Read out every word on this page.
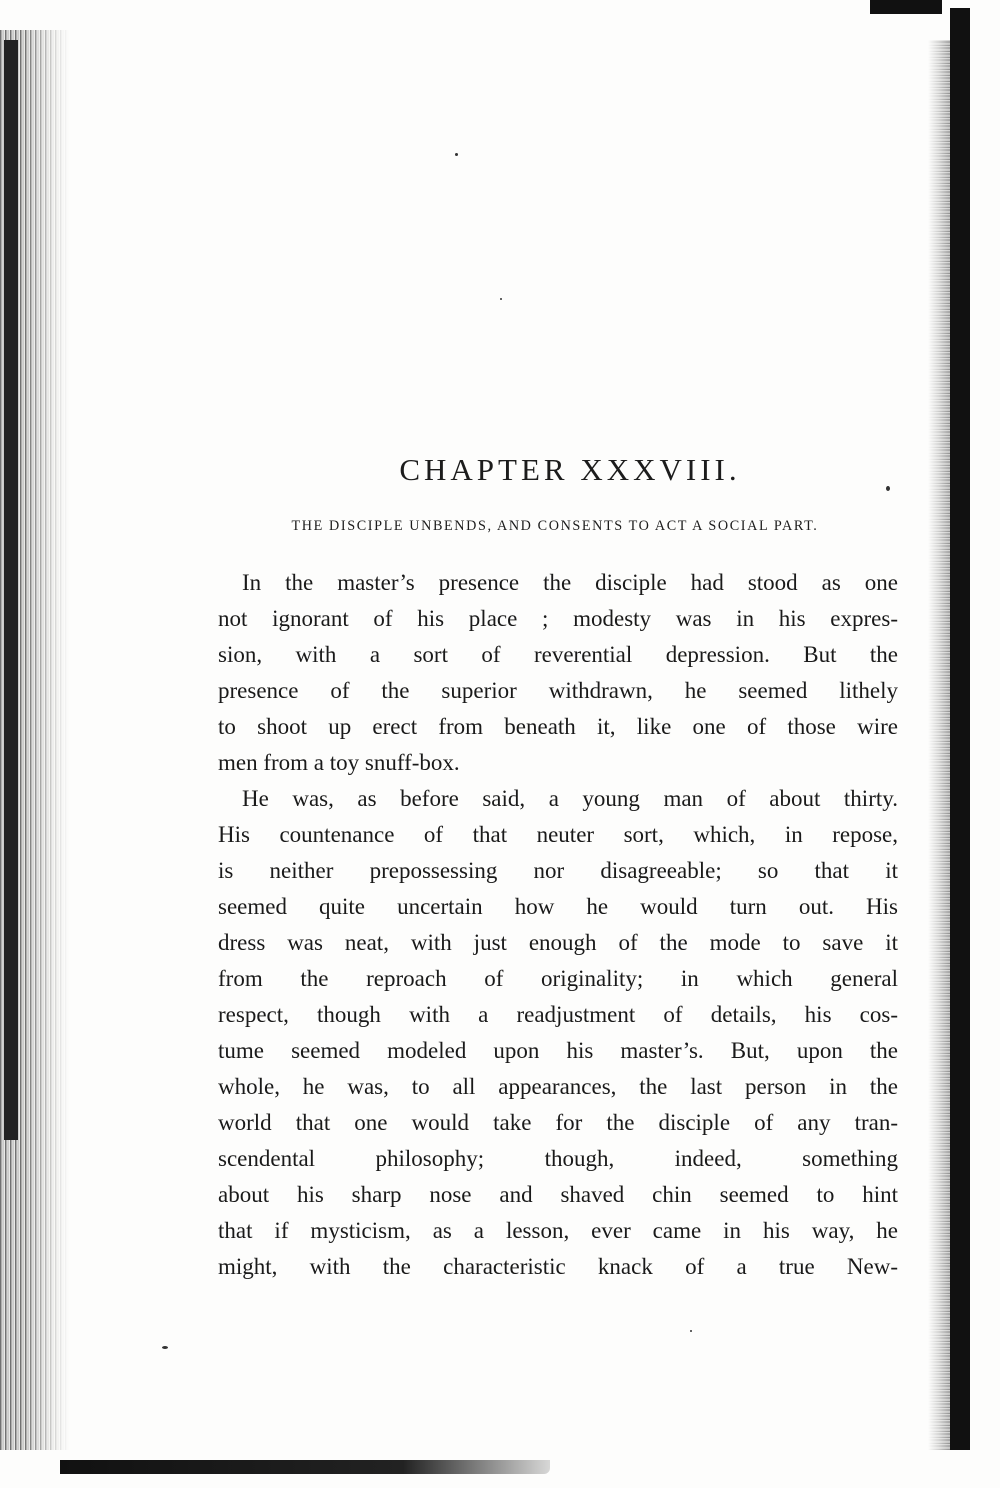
CHAPTER XXXVIII.
THE DISCIPLE UNBENDS, AND CONSENTS TO ACT A SOCIAL PART.
In the master’s presence the disciple had stood as one
not ignorant of his place ; modesty was in his expres-
sion, with a sort of reverential depression. But the
presence of the superior withdrawn, he seemed lithely
to shoot up erect from beneath it, like one of those wire
men from a toy snuff-box.
He was, as before said, a young man of about thirty.
His countenance of that neuter sort, which, in repose,
is neither prepossessing nor disagreeable; so that it
seemed quite uncertain how he would turn out. His
dress was neat, with just enough of the mode to save it
from the reproach of originality; in which general
respect, though with a readjustment of details, his cos-
tume seemed modeled upon his master’s. But, upon the
whole, he was, to all appearances, the last person in the
world that one would take for the disciple of any tran-
scendental philosophy; though, indeed, something
about his sharp nose and shaved chin seemed to hint
that if mysticism, as a lesson, ever came in his way, he
might, with the characteristic knack of a true New-
